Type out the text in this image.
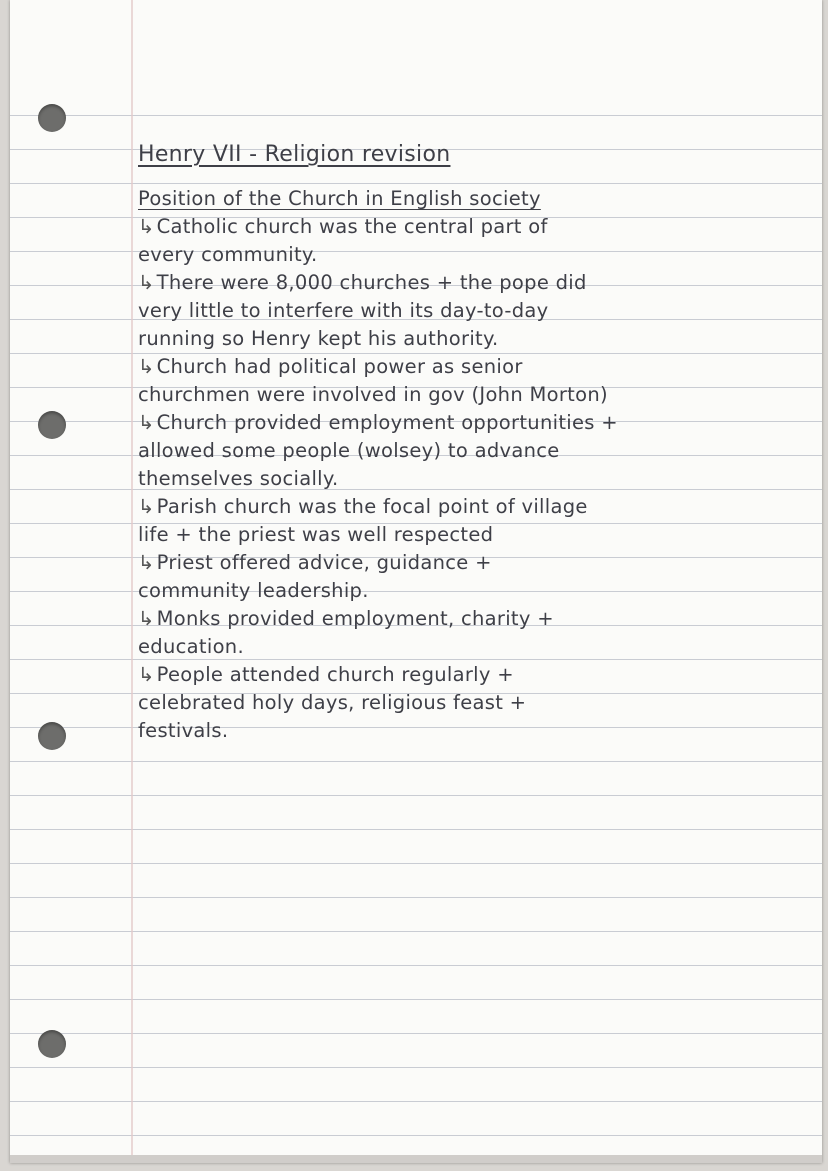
Henry VII - Religion revision
Position of the Church in English society
↳ Catholic church was the central part of
every community.
↳ There were 8,000 churches + the pope did
very little to interfere with its day-to-day
running so Henry kept his authority.
↳ Church had political power as senior
churchmen were involved in gov (John Morton)
↳ Church provided employment opportunities +
allowed some people (wolsey) to advance
themselves socially.
↳ Parish church was the focal point of village
life + the priest was well respected
↳ Priest offered advice, guidance +
community leadership.
↳ Monks provided employment, charity +
education.
↳ People attended church regularly +
celebrated holy days, religious feast +
festivals.
